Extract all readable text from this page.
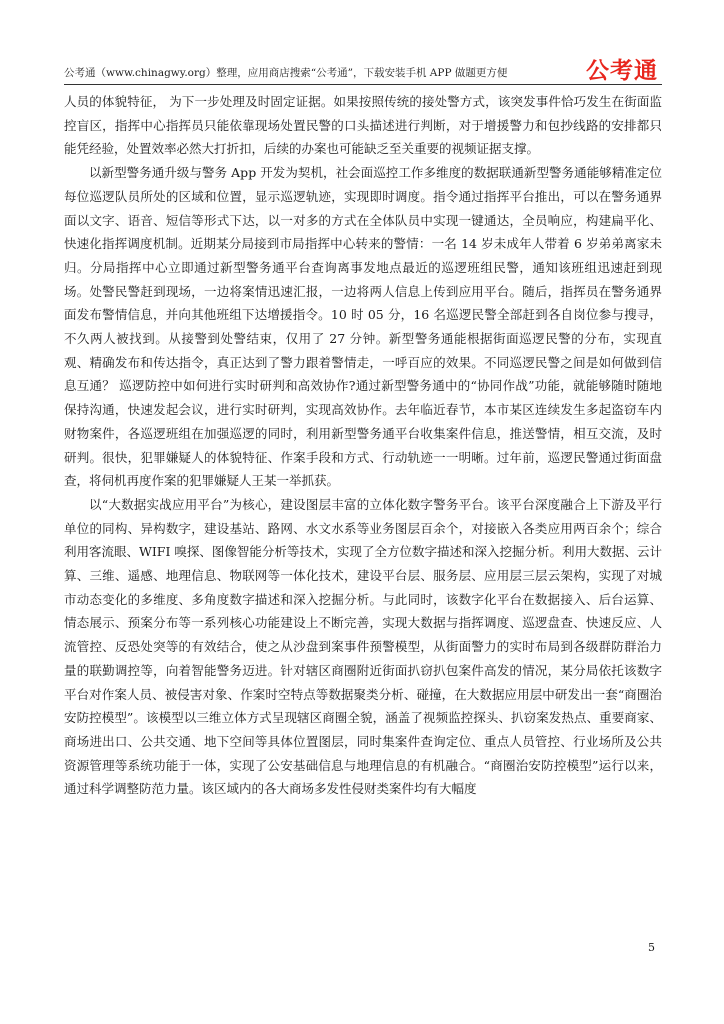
公考通（www.chinagwy.org）整理，应用商店搜索“公考通”，下载安装手机 APP 做题更方便	公考通

人员的体貌特征， 为下一步处理及时固定证据。如果按照传统的接处警方式，该突发事件恰巧发生在街面监控盲区，指挥中心指挥员只能依靠现场处置民警的口头描述进行判断，对于增援警力和包抄线路的安排都只能凭经验，处置效率必然大打折扣，后续的办案也可能缺乏至关重要的视频证据支撑。

以新型警务通升级与警务 App 开发为契机，社会面巡控工作多维度的数据联通新型警务通能够精准定位每位巡逻队员所处的区域和位置，显示巡逻轨迹，实现即时调度。指令通过指挥平台推出，可以在警务通界面以文字、语音、短信等形式下达，以一对多的方式在全体队员中实现一键通达，全员响应，构建扁平化、快速化指挥调度机制。近期某分局接到市局指挥中心转来的警情：一名 14 岁未成年人带着 6 岁弟弟离家未归。分局指挥中心立即通过新型警务通平台查询离事发地点最近的巡逻班组民警，通知该班组迅速赶到现场。处警民警赶到现场，一边将案情迅速汇报，一边将两人信息上传到应用平台。随后，指挥员在警务通界面发布警情信息，并向其他班组下达增援指令。10 时 05 分，16 名巡逻民警全部赶到各自岗位参与搜寻，不久两人被找到。从接警到处警结束，仅用了 27 分钟。新型警务通能根据街面巡逻民警的分布，实现直观、精确发布和传达指令，真正达到了警力跟着警情走，一呼百应的效果。不同巡逻民警之间是如何做到信息互通？ 巡逻防控中如何进行实时研判和高效协作?通过新型警务通中的“协同作战”功能，就能够随时随地保持沟通，快速发起会议，进行实时研判，实现高效协作。去年临近春节，本市某区连续发生多起盗窃车内财物案件，各巡逻班组在加强巡逻的同时，利用新型警务通平台收集案件信息，推送警情，相互交流，及时研判。很快，犯罪嫌疑人的体貌特征、作案手段和方式、行动轨迹一一明晰。过年前，巡逻民警通过街面盘查，将伺机再度作案的犯罪嫌疑人王某一举抓获。

以“大数据实战应用平台”为核心，建设图层丰富的立体化数字警务平台。该平台深度融合上下游及平行单位的同构、异构数字，建设基站、路网、水文水系等业务图层百余个，对接嵌入各类应用两百余个；综合利用客流眼、WIFI 嗅探、图像智能分析等技术，实现了全方位数字描述和深入挖掘分析。利用大数据、云计算、三维、遥感、地理信息、物联网等一体化技术，建设平台层、服务层、应用层三层云架构，实现了对城市动态变化的多维度、多角度数字描述和深入挖掘分析。与此同时，该数字化平台在数据接入、后台运算、情态展示、预案分布等一系列核心功能建设上不断完善，实现大数据与指挥调度、巡逻盘查、快速反应、人流管控、反恐处突等的有效结合，使之从沙盘到案事件预警模型，从街面警力的实时布局到各级群防群治力量的联勤调控等，向着智能警务迈进。针对辖区商圈附近街面扒窃扒包案件高发的情况，某分局依托该数字平台对作案人员、被侵害对象、作案时空特点等数据聚类分析、碰撞，在大数据应用层中研发出一套“商圈治安防控模型”。该模型以三维立体方式呈现辖区商圈全貌，涵盖了视频监控探头、扒窃案发热点、重要商家、商场进出口、公共交通、地下空间等具体位置图层，同时集案件查询定位、重点人员管控、行业场所及公共资源管理等系统功能于一体，实现了公安基础信息与地理信息的有机融合。“商圈治安防控模型”运行以来，通过科学调整防范力量。该区域内的各大商场多发性侵财类案件均有大幅度

5
